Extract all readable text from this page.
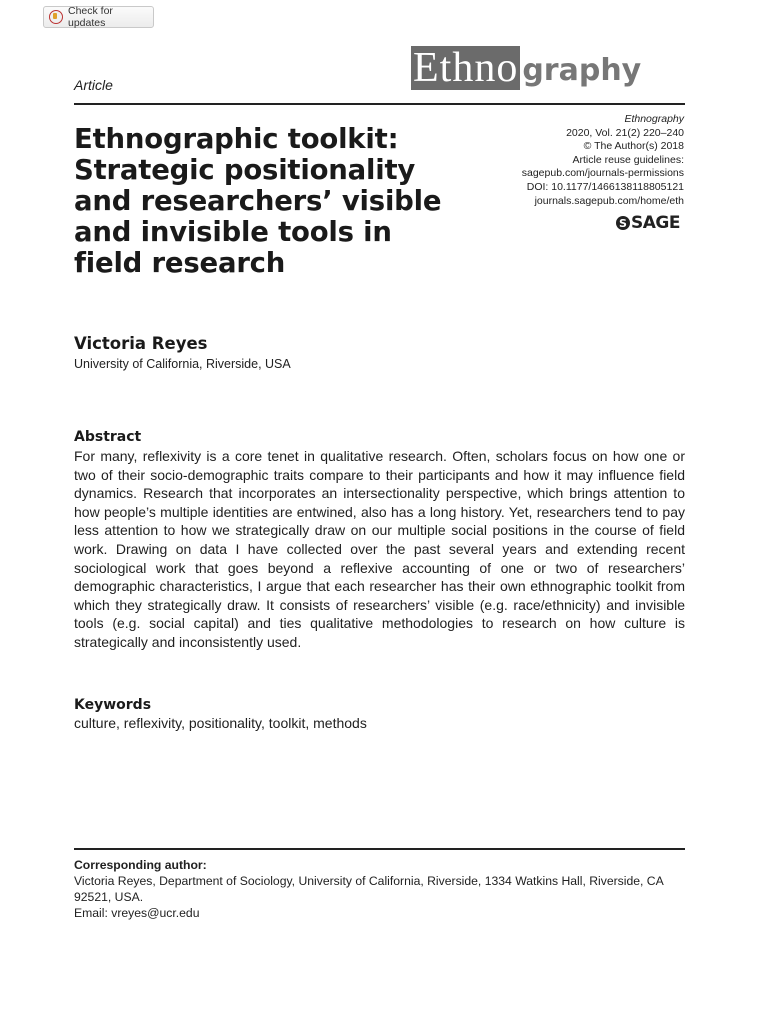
Check for updates
Article	Ethno graphy
Ethnographic toolkit: Strategic positionality and researchers’ visible and invisible tools in field research
Ethnography
2020, Vol. 21(2) 220–240
© The Author(s) 2018
Article reuse guidelines:
sagepub.com/journals-permissions
DOI: 10.1177/1466138118805121
journals.sagepub.com/home/eth
S SAGE
Victoria Reyes
University of California, Riverside, USA
Abstract

For many, reflexivity is a core tenet in qualitative research. Often, scholars focus on how one or two of their socio-demographic traits compare to their participants and how it may influence field dynamics. Research that incorporates an intersectionality perspective, which brings attention to how people’s multiple identities are entwined, also has a long history. Yet, researchers tend to pay less attention to how we strategically draw on our multiple social positions in the course of field work. Drawing on data I have collected over the past several years and extending recent sociological work that goes beyond a reflexive accounting of one or two of researchers’ demographic characteristics, I argue that each researcher has their own ethnographic toolkit from which they strategically draw. It consists of researchers’ visible (e.g. race/ethnicity) and invisible tools (e.g. social capital) and ties qualitative methodologies to research on how culture is strategically and inconsistently used.

Keywords
culture, reflexivity, positionality, toolkit, methods
Corresponding author:
Victoria Reyes, Department of Sociology, University of California, Riverside, 1334 Watkins Hall, Riverside, CA 92521, USA.
Email: vreyes@ucr.edu
